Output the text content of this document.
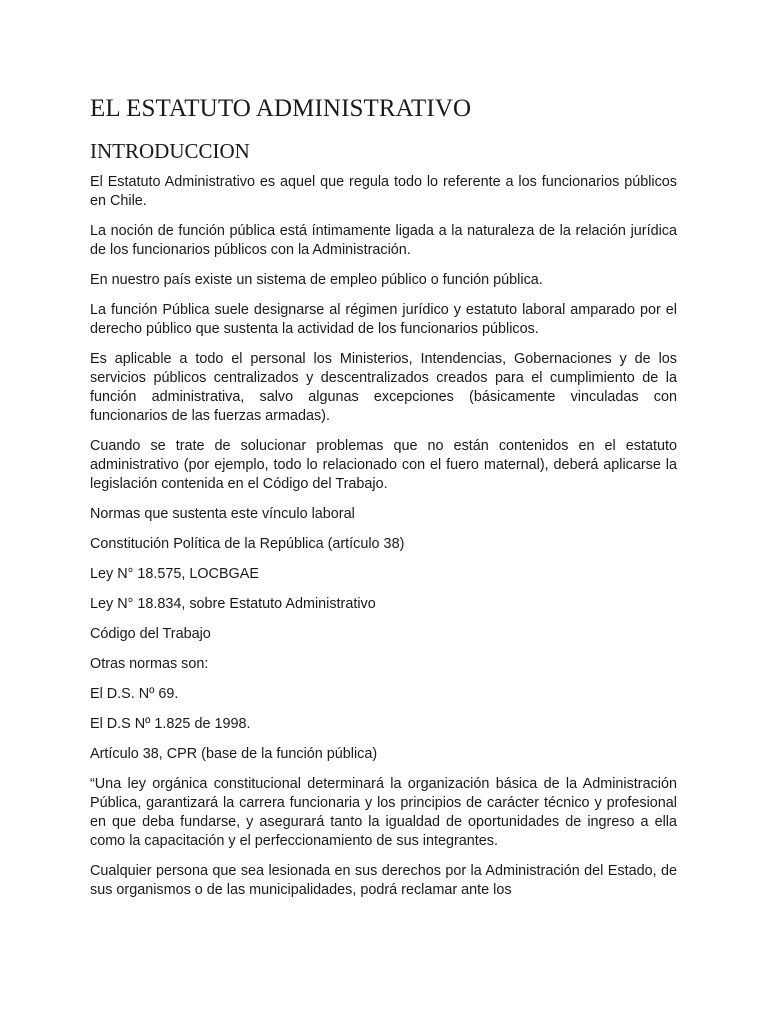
EL ESTATUTO ADMINISTRATIVO
INTRODUCCION

El Estatuto Administrativo es aquel que regula todo lo referente a los funcionarios públicos en Chile.

La noción de función pública está íntimamente ligada a la naturaleza de la relación jurídica de los funcionarios públicos con la Administración.

En nuestro país existe un sistema de empleo público o función pública.

La función Pública suele designarse al régimen jurídico y estatuto laboral amparado por el derecho público que sustenta la actividad de los funcionarios públicos.

Es aplicable a todo el personal los Ministerios, Intendencias, Gobernaciones y de los servicios públicos centralizados y descentralizados creados para el cumplimiento de la función administrativa, salvo algunas excepciones (básicamente vinculadas con funcionarios de las fuerzas armadas).

Cuando se trate de solucionar problemas que no están contenidos en el estatuto administrativo (por ejemplo, todo lo relacionado con el fuero maternal), deberá aplicarse la legislación contenida en el Código del Trabajo.

Normas que sustenta este vínculo laboral

Constitución Política de la República (artículo 38)

Ley N° 18.575, LOCBGAE

Ley N° 18.834, sobre Estatuto Administrativo

Código del Trabajo

Otras normas son:

El D.S. Nº 69.

El D.S Nº 1.825 de 1998.

Artículo 38, CPR (base de la función pública)

“Una ley orgánica constitucional determinará la organización básica de la Administración Pública, garantizará la carrera funcionaria y los principios de carácter técnico y profesional en que deba fundarse, y asegurará tanto la igualdad de oportunidades de ingreso a ella como la capacitación y el perfeccionamiento de sus integrantes.

Cualquier persona que sea lesionada en sus derechos por la Administración del Estado, de sus organismos o de las municipalidades, podrá reclamar ante los
